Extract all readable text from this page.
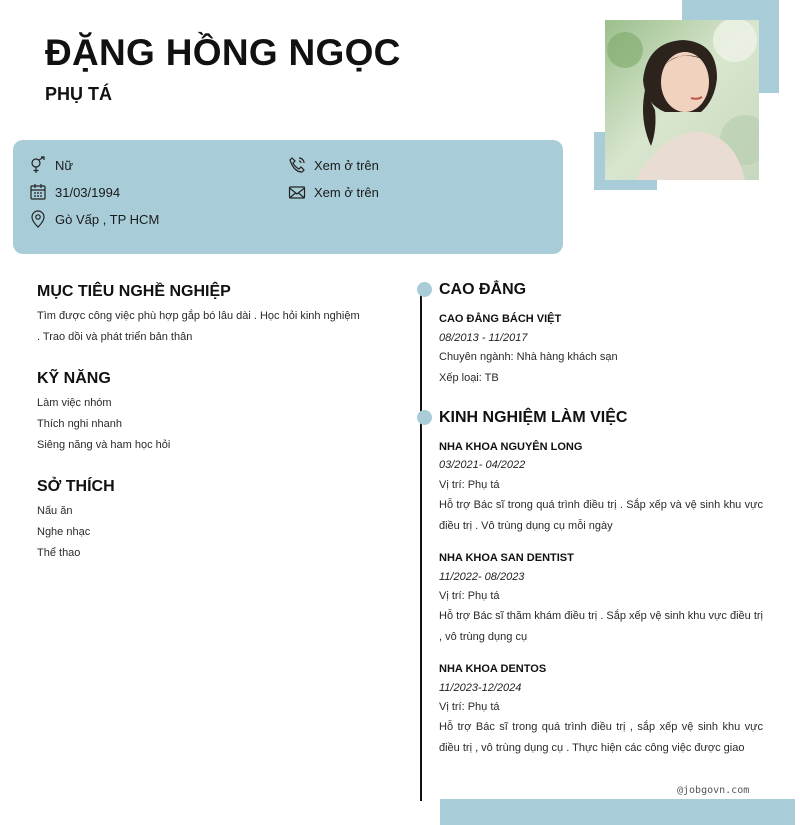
ĐẶNG HỒNG NGỌC
PHỤ TÁ
Nữ
31/03/1994
Gò Vấp , TP HCM
Xem ở trên
Xem ở trên
MỤC TIÊU NGHỀ NGHIỆP
Tìm được công việc phù hợp gắp bó lâu dài . Học hỏi kinh nghiệm
. Trao dồi và phát triển bản thân
KỸ NĂNG
Làm việc nhóm
Thích nghi nhanh
Siêng năng và ham học hỏi
SỞ THÍCH
Nấu ăn
Nghe nhạc
Thể thao
CAO ĐẲNG
CAO ĐẲNG BÁCH VIỆT
08/2013 - 11/2017
Chuyên ngành: Nhà hàng khách sạn
Xếp loại: TB
KINH NGHIỆM LÀM VIỆC
NHA KHOA NGUYÊN LONG
03/2021- 04/2022
Vị trí: Phụ tá
Hỗ trợ Bác sĩ trong quá trình điều trị . Sắp xếp và vệ sinh khu vực điều trị . Vô trùng dụng cụ mỗi ngày
NHA KHOA SAN DENTIST
11/2022- 08/2023
Vị trí: Phụ tá
Hỗ trợ Bác sĩ thăm khám điều trị . Sắp xếp vệ sinh khu vực điều trị , vô trùng dụng cụ
NHA KHOA DENTOS
11/2023-12/2024
Vị trí: Phụ tá
Hỗ trợ Bác sĩ trong quá trình điều trị , sắp xếp vệ sinh khu vực điều trị , vô trùng dụng cụ . Thực hiện các công việc được giao
@jobgovn.com
